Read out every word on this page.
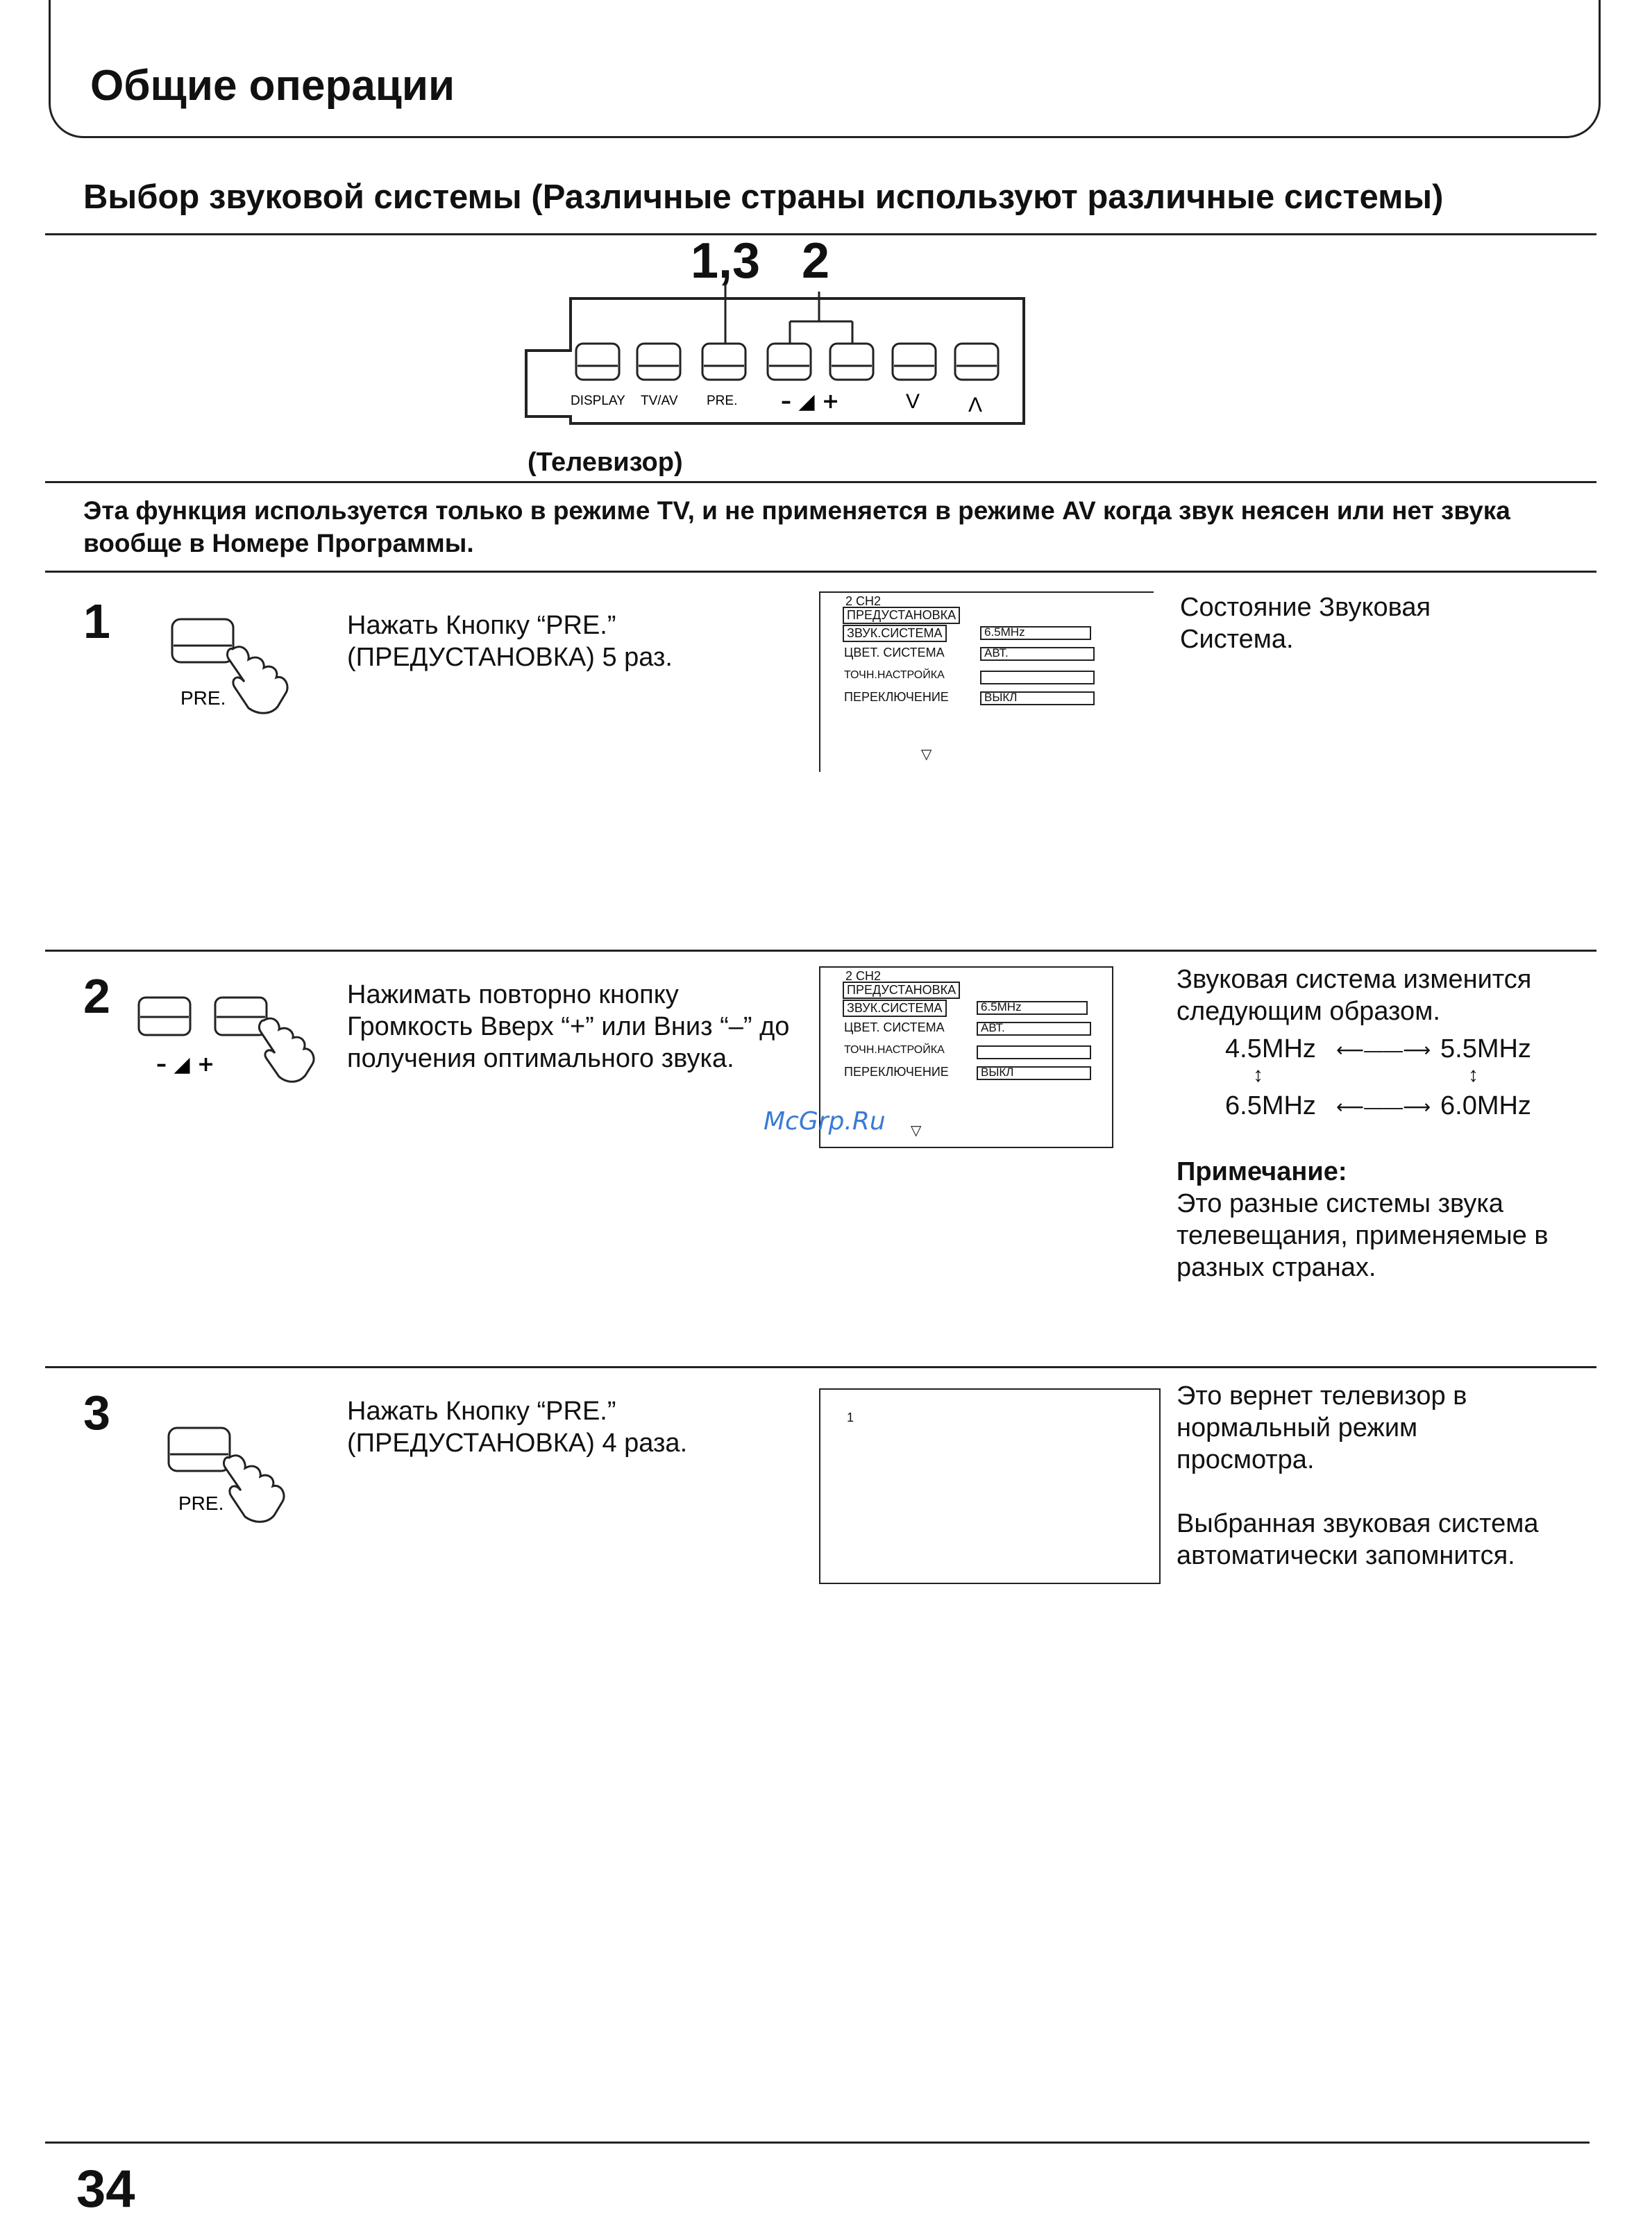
Общие операции
Выбор звуковой системы (Различные страны используют различные системы)
1,3 2
DISPLAY TV/AV PRE. – ◢ +	V Λ
(Телевизор)
Эта функция используется только в режиме TV, и не применяется в режиме AV когда звук неясен или нет звука вообще в Номере Программы.
1
PRE.
Нажать Кнопку “PRE.” (ПРЕДУСТАНОВКА) 5 раз.
2 CH2
ПРЕДУСТАНОВКА
ЗВУК.СИСТЕМА	6.5MHz
ЦВЕТ. СИСТЕМА	АВТ.
ТОЧН.НАСТРОЙКА
ПЕРЕКЛЮЧЕНИЕ	ВЫКЛ
▽
Состояние Звуковая Система.
2
– ◢ +
Нажимать повторно кнопку Громкость Вверх “+” или Вниз “–” до получения оптимального звука.
2 CH2
ПРЕДУСТАНОВКА
ЗВУК.СИСТЕМА	6.5MHz
ЦВЕТ. СИСТЕМА	АВТ.
ТОЧН.НАСТРОЙКА
ПЕРЕКЛЮЧЕНИЕ	ВЫКЛ
▽
McGrp.Ru
Звуковая система изменится следующим образом.
4.5MHz ⟵——⟶ 5.5MHz
↕	↕
6.5MHz ⟵——⟶ 6.0MHz
Примечание:
Это разные системы звука телевещания, применяемые в разных странах.
3
PRE.
Нажать Кнопку “PRE.” (ПРЕДУСТАНОВКА) 4 раза.
1
Это вернет телевизор в нормальный режим просмотра.
Выбранная звуковая система автоматически запомнится.
34
